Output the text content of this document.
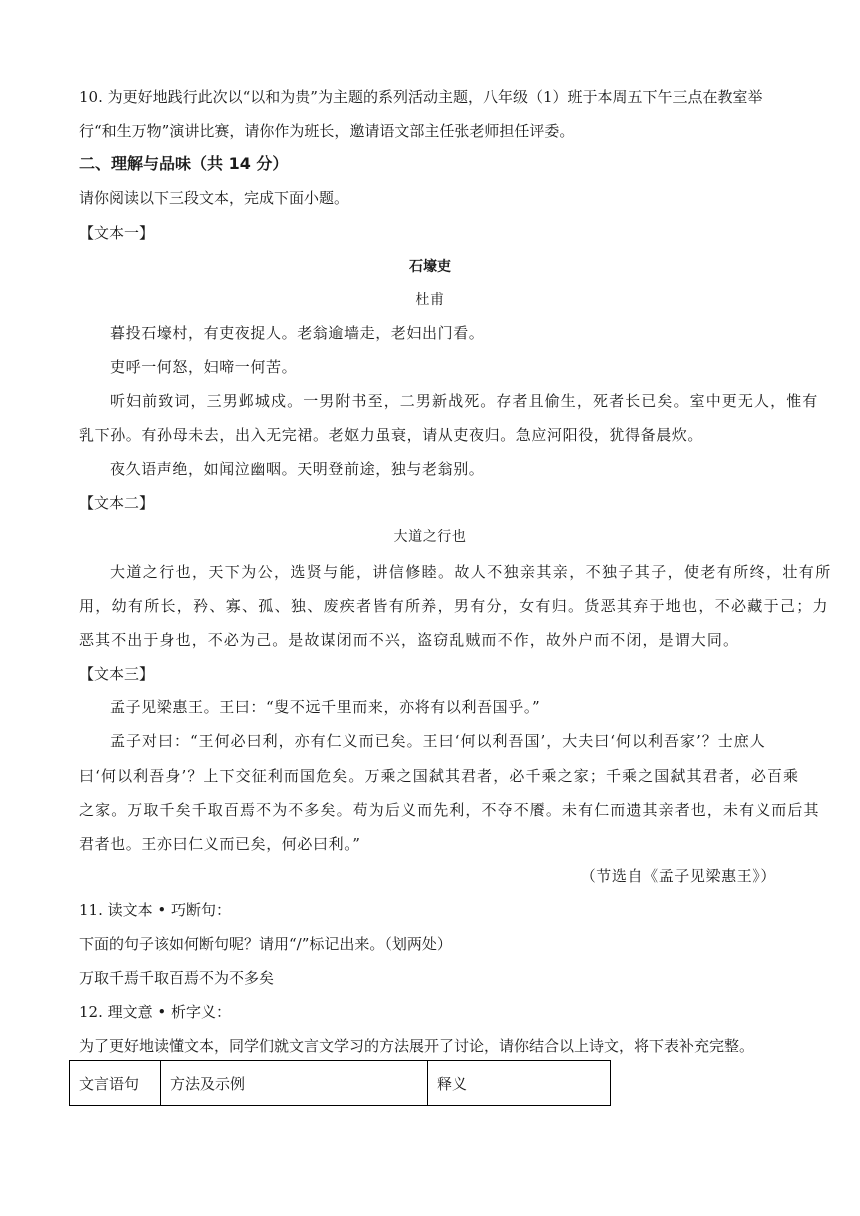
10. 为更好地践行此次以“以和为贵”为主题的系列活动主题，八年级（1）班于本周五下午三点在教室举
行“和生万物”演讲比赛，请你作为班长，邀请语文部主任张老师担任评委。
二、理解与品味（共 14 分）
请你阅读以下三段文本，完成下面小题。
【文本一】
石壕吏
杜甫
暮投石壕村，有吏夜捉人。老翁逾墙走，老妇出门看。
吏呼一何怒，妇啼一何苦。
听妇前致词，三男邺城戍。一男附书至，二男新战死。存者且偷生，死者长已矣。室中更无人，惟有
乳下孙。有孙母未去，出入无完裙。老妪力虽衰，请从吏夜归。急应河阳役，犹得备晨炊。
夜久语声绝，如闻泣幽咽。天明登前途，独与老翁别。
【文本二】
大道之行也
大道之行也，天下为公，选贤与能，讲信修睦。故人不独亲其亲，不独子其子，使老有所终，壮有所
用，幼有所长，矜、寡、孤、独、废疾者皆有所养，男有分，女有归。货恶其弃于地也，不必藏于己；力
恶其不出于身也，不必为己。是故谋闭而不兴，盗窃乱贼而不作，故外户而不闭，是谓大同。
【文本三】
孟子见梁惠王。王曰：“叟不远千里而来，亦将有以利吾国乎。”
孟子对曰：“王何必曰利，亦有仁义而已矣。王曰‘何以利吾国’，大夫曰‘何以利吾家’？士庶人
曰‘何以利吾身’？上下交征利而国危矣。万乘之国弑其君者，必千乘之家；千乘之国弑其君者，必百乘
之家。万取千矣千取百焉不为不多矣。苟为后义而先利，不夺不餍。未有仁而遗其亲者也，未有义而后其
君者也。王亦曰仁义而已矣，何必曰利。”
（节选自《孟子见梁惠王》）
11. 读文本 • 巧断句：
下面的句子该如何断句呢？请用“/”标记出来。（划两处）
万取千焉千取百焉不为不多矣
12. 理文意 • 析字义：
为了更好地读懂文本，同学们就文言文学习的方法展开了讨论，请你结合以上诗文，将下表补充完整。
文言语句	方法及示例	释义
